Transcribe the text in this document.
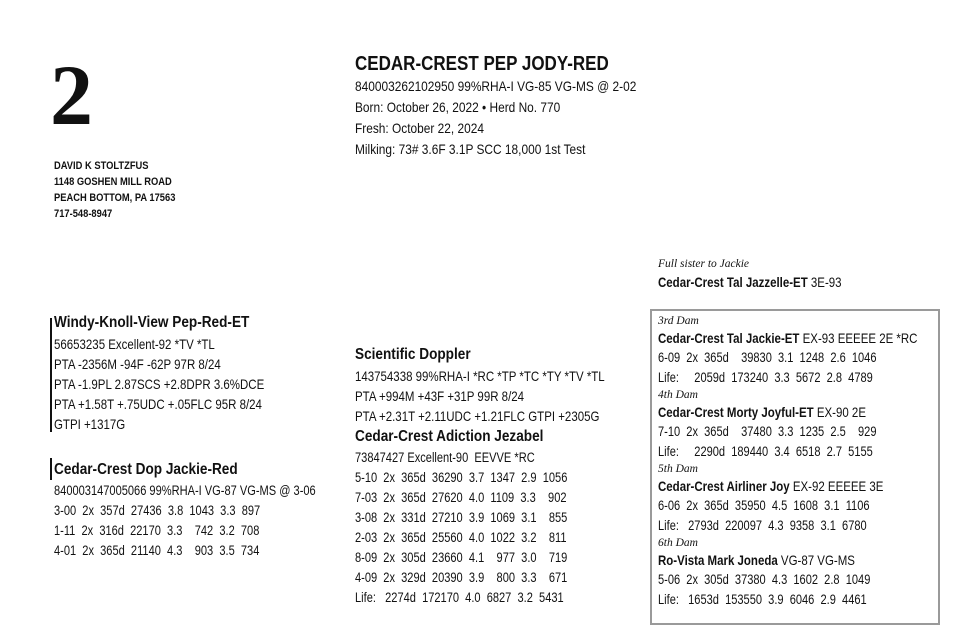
2
DAVID K STOLTZFUS
1148 GOSHEN MILL ROAD
PEACH BOTTOM, PA 17563
717-548-8947
CEDAR-CREST PEP JODY-RED
840003262102950 99%RHA-I VG-85 VG-MS @ 2-02
Born: October 26, 2022 • Herd No. 770
Fresh: October 22, 2024
Milking: 73# 3.6F 3.1P SCC 18,000 1st Test
Windy-Knoll-View Pep-Red-ET
56653235 Excellent-92 *TV *TL
PTA -2356M -94F -62P 97R 8/24
PTA -1.9PL 2.87SCS +2.8DPR 3.6%DCE
PTA +1.58T +.75UDC +.05FLC 95R 8/24
GTPI +1317G
Cedar-Crest Dop Jackie-Red
840003147005066 99%RHA-I VG-87 VG-MS @ 3-06
3-00  2x  357d  27436  3.8  1043  3.3  897
1-11  2x  316d  22170  3.3    742  3.2  708
4-01  2x  365d  21140  4.3    903  3.5  734
Scientific Doppler
143754338 99%RHA-I *RC *TP *TC *TY *TV *TL
PTA +994M +43F +31P 99R 8/24
PTA +2.31T +2.11UDC +1.21FLC GTPI +2305G
Cedar-Crest Adiction Jezabel
73847427 Excellent-90  EEVVE *RC
5-10  2x  365d  36290  3.7  1347  2.9  1056
7-03  2x  365d  27620  4.0  1109  3.3    902
3-08  2x  331d  27210  3.9  1069  3.1    855
2-03  2x  365d  25560  4.0  1022  3.2    811
8-09  2x  305d  23660  4.1    977  3.0    719
4-09  2x  329d  20390  3.9    800  3.3    671
Life:   2274d  172170  4.0  6827  3.2  5431
Full sister to Jackie
Cedar-Crest Tal Jazzelle-ET 3E-93
3rd Dam
Cedar-Crest Tal Jackie-ET EX-93 EEEEE 2E *RC
6-09  2x  365d    39830  3.1  1248  2.6  1046
Life:     2059d  173240  3.3  5672  2.8  4789
4th Dam
Cedar-Crest Morty Joyful-ET EX-90 2E
7-10  2x  365d    37480  3.3  1235  2.5    929
Life:     2290d  189440  3.4  6518  2.7  5155
5th Dam
Cedar-Crest Airliner Joy EX-92 EEEEE 3E
6-06  2x  365d  35950  4.5  1608  3.1  1106
Life:   2793d  220097  4.3  9358  3.1  6780
6th Dam
Ro-Vista Mark Joneda VG-87 VG-MS
5-06  2x  305d  37380  4.3  1602  2.8  1049
Life:   1653d  153550  3.9  6046  2.9  4461
